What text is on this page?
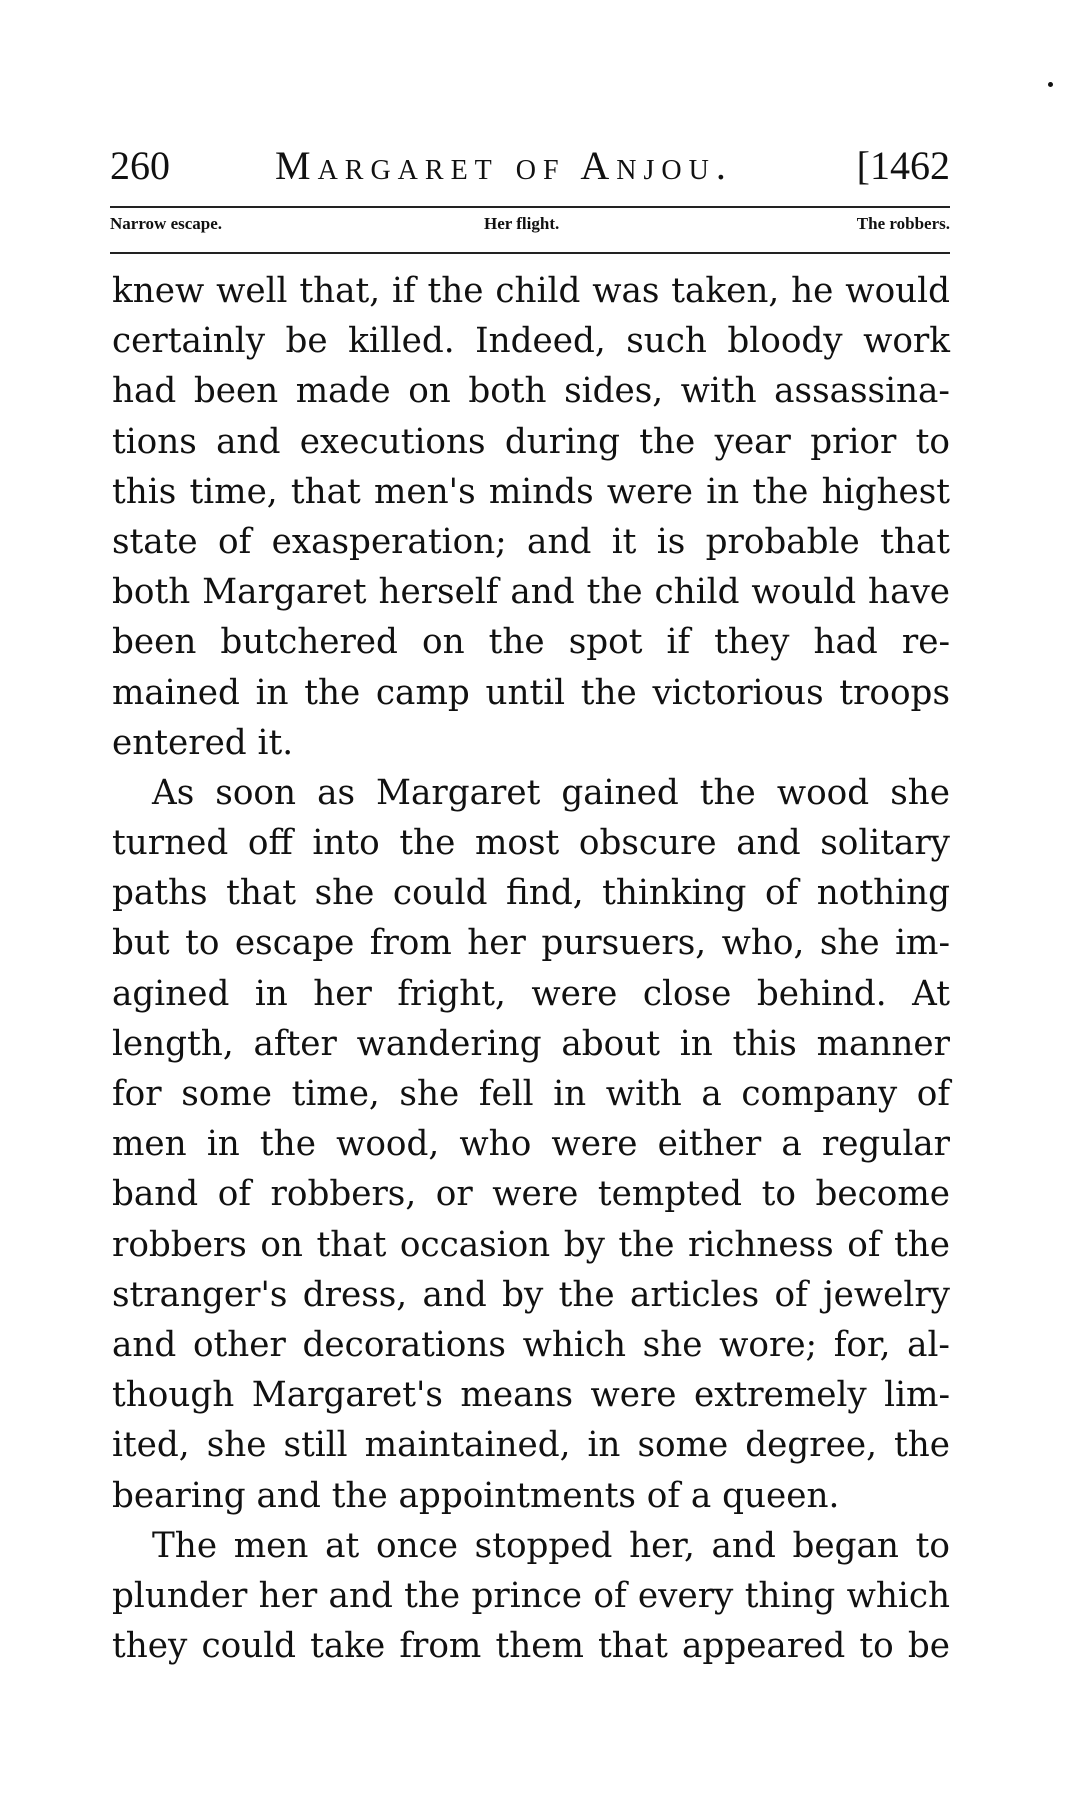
260	Margaret of Anjou.	[1462
Narrow escape.	Her flight.	The robbers.
knew well that, if the child was taken, he would
certainly be killed. Indeed, such bloody work
had been made on both sides, with assassina-
tions and executions during the year prior to
this time, that men's minds were in the highest
state of exasperation; and it is probable that
both Margaret herself and the child would have
been butchered on the spot if they had re-
mained in the camp until the victorious troops
entered it.
As soon as Margaret gained the wood she
turned off into the most obscure and solitary
paths that she could find, thinking of nothing
but to escape from her pursuers, who, she im-
agined in her fright, were close behind. At
length, after wandering about in this manner
for some time, she fell in with a company of
men in the wood, who were either a regular
band of robbers, or were tempted to become
robbers on that occasion by the richness of the
stranger's dress, and by the articles of jewelry
and other decorations which she wore; for, al-
though Margaret's means were extremely lim-
ited, she still maintained, in some degree, the
bearing and the appointments of a queen.
The men at once stopped her, and began to
plunder her and the prince of every thing which
they could take from them that appeared to be
